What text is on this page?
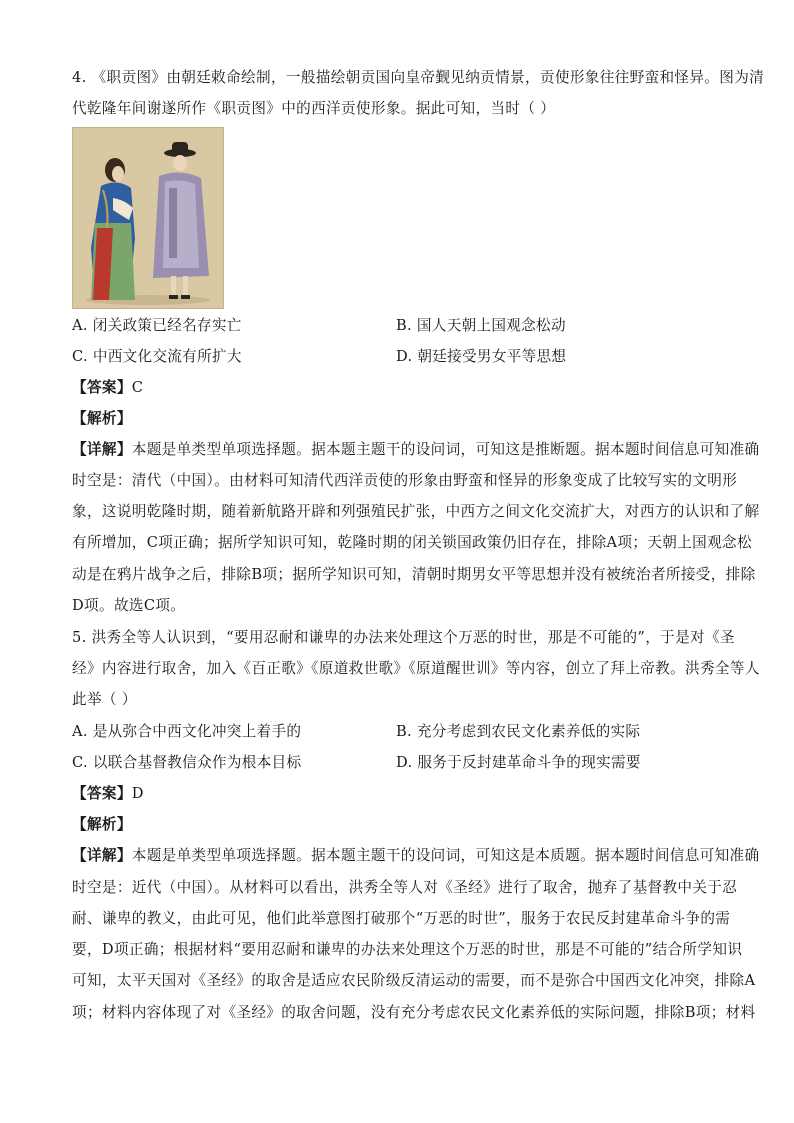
4. 《职贡图》由朝廷敕命绘制，一般描绘朝贡国向皇帝觐见纳贡情景，贡使形象往往野蛮和怪异。图为清
代乾隆年间谢遂所作《职贡图》中的西洋贡使形象。据此可知，当时（ ）
A. 闭关政策已经名存实亡	B. 国人天朝上国观念松动
C. 中西文化交流有所扩大	D. 朝廷接受男女平等思想
【答案】C
【解析】
【详解】本题是单类型单项选择题。据本题主题干的设问词，可知这是推断题。据本题时间信息可知准确
时空是：清代（中国）。由材料可知清代西洋贡使的形象由野蛮和怪异的形象变成了比较写实的文明形
象，这说明乾隆时期，随着新航路开辟和列强殖民扩张，中西方之间文化交流扩大，对西方的认识和了解
有所增加，C项正确；据所学知识可知，乾隆时期的闭关锁国政策仍旧存在，排除A项；天朝上国观念松
动是在鸦片战争之后，排除B项；据所学知识可知，清朝时期男女平等思想并没有被统治者所接受，排除
D项。故选C项。
5. 洪秀全等人认识到，“要用忍耐和谦卑的办法来处理这个万恶的时世，那是不可能的”，于是对《圣
经》内容进行取舍，加入《百正歌》《原道救世歌》《原道醒世训》等内容，创立了拜上帝教。洪秀全等人
此举（ ）
A. 是从弥合中西文化冲突上着手的	B. 充分考虑到农民文化素养低的实际
C. 以联合基督教信众作为根本目标	D. 服务于反封建革命斗争的现实需要
【答案】D
【解析】
【详解】本题是单类型单项选择题。据本题主题干的设问词，可知这是本质题。据本题时间信息可知准确
时空是：近代（中国）。从材料可以看出，洪秀全等人对《圣经》进行了取舍，抛弃了基督教中关于忍
耐、谦卑的教义，由此可见，他们此举意图打破那个“万恶的时世”，服务于农民反封建革命斗争的需
要，D项正确；根据材料“要用忍耐和谦卑的办法来处理这个万恶的时世，那是不可能的”结合所学知识
可知，太平天国对《圣经》的取舍是适应农民阶级反清运动的需要，而不是弥合中国西文化冲突，排除A
项；材料内容体现了对《圣经》的取舍问题，没有充分考虑农民文化素养低的实际问题，排除B项；材料
